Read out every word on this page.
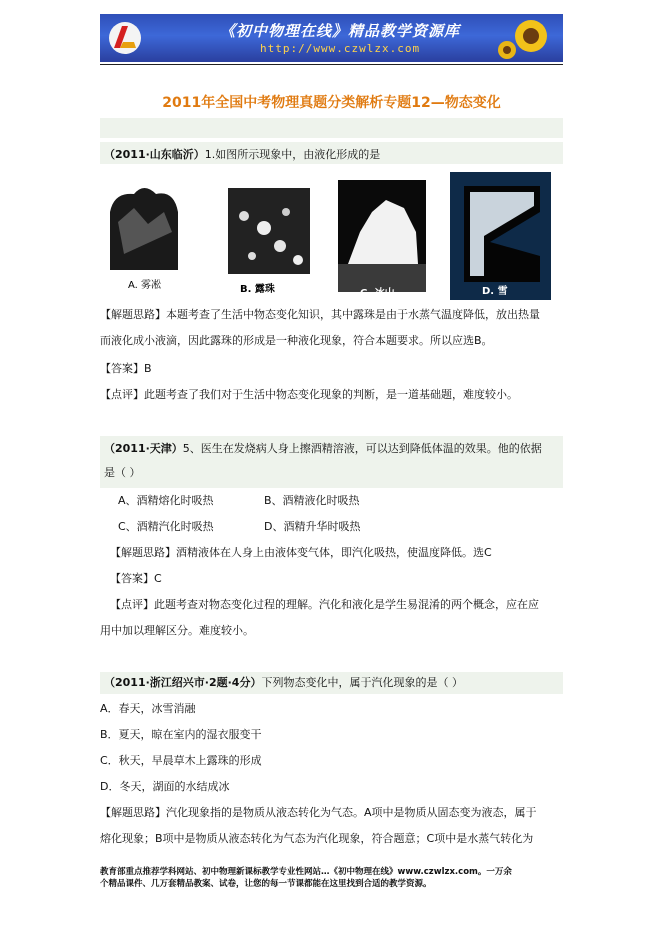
《初中物理在线》精品教学资源库
http://www.czwlzx.com
2011年全国中考物理真题分类解析专题12—物态变化
（2011·山东临沂）1.如图所示现象中，由液化形成的是
A. 雾凇	B. 露珠	C. 冰山	D. 雪
【解题思路】本题考查了生活中物态变化知识，其中露珠是由于水蒸气温度降低，放出热量
而液化成小液滴，因此露珠的形成是一种液化现象，符合本题要求。所以应选B。
【答案】B
【点评】此题考查了我们对于生活中物态变化现象的判断，是一道基础题，难度较小。
（2011·天津）5、医生在发烧病人身上擦酒精溶液，可以达到降低体温的效果。他的依据
是（ ）
A、酒精熔化时吸热	B、酒精液化时吸热
C、酒精汽化时吸热	D、酒精升华时吸热
【解题思路】酒精液体在人身上由液体变气体，即汽化吸热，使温度降低。选C
【答案】C
【点评】此题考查对物态变化过程的理解。汽化和液化是学生易混淆的两个概念，应在应
用中加以理解区分。难度较小。
（2011·浙江绍兴市·2题·4分）下列物态变化中，属于汽化现象的是（ ）
A．春天，冰雪消融
B．夏天，晾在室内的湿衣服变干
C．秋天，早晨草木上露珠的形成
D．冬天，湖面的水结成冰
【解题思路】汽化现象指的是物质从液态转化为气态。A项中是物质从固态变为液态，属于
熔化现象；B项中是物质从液态转化为气态为汽化现象，符合题意；C项中是水蒸气转化为
教育部重点推荐学科网站、初中物理新课标教学专业性网站…《初中物理在线》www.czwlzx.com。一万余
个精品课件、几万套精品教案、试卷，让您的每一节课都能在这里找到合适的教学资源。
